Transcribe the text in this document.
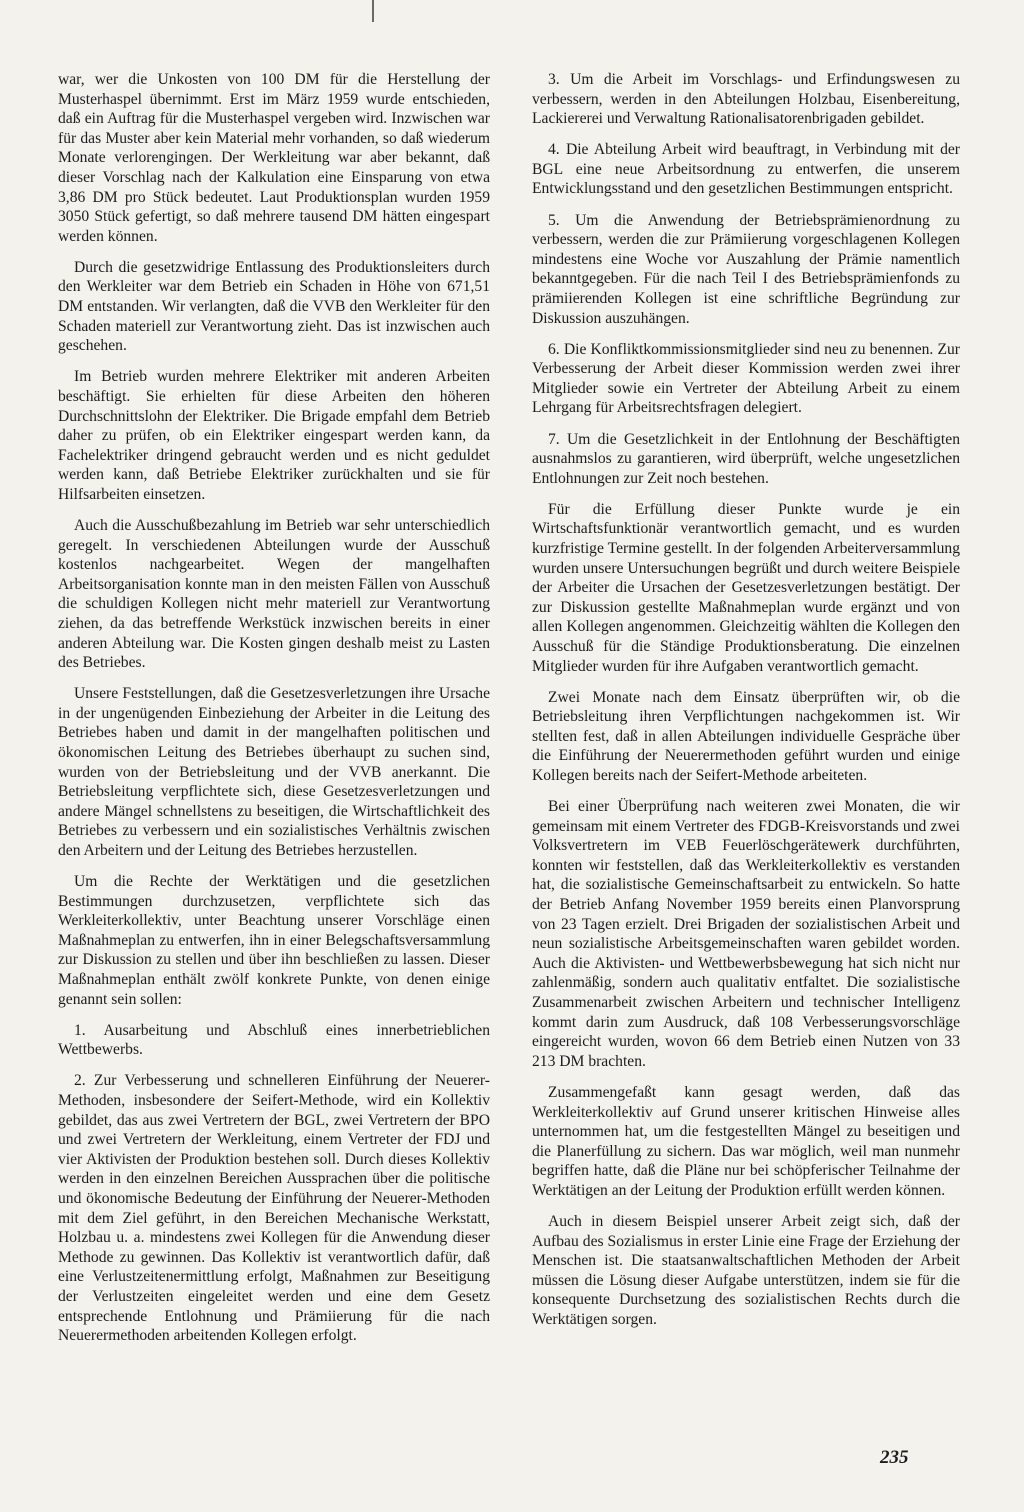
war, wer die Unkosten von 100 DM für die Herstellung der Musterhaspel übernimmt. Erst im März 1959 wurde entschieden, daß ein Auftrag für die Musterhaspel vergeben wird. Inzwischen war für das Muster aber kein Material mehr vorhanden, so daß wiederum Monate verlorengingen. Der Werkleitung war aber bekannt, daß dieser Vorschlag nach der Kalkulation eine Einsparung von etwa 3,86 DM pro Stück bedeutet. Laut Produktionsplan wurden 1959 3050 Stück gefertigt, so daß mehrere tausend DM hätten eingespart werden können.

Durch die gesetzwidrige Entlassung des Produktionsleiters durch den Werkleiter war dem Betrieb ein Schaden in Höhe von 671,51 DM entstanden. Wir verlangten, daß die VVB den Werkleiter für den Schaden materiell zur Verantwortung zieht. Das ist inzwischen auch geschehen.

Im Betrieb wurden mehrere Elektriker mit anderen Arbeiten beschäftigt. Sie erhielten für diese Arbeiten den höheren Durchschnittslohn der Elektriker. Die Brigade empfahl dem Betrieb daher zu prüfen, ob ein Elektriker eingespart werden kann, da Fachelektriker dringend gebraucht werden und es nicht geduldet werden kann, daß Betriebe Elektriker zurückhalten und sie für Hilfsarbeiten einsetzen.

Auch die Ausschußbezahlung im Betrieb war sehr unterschiedlich geregelt. In verschiedenen Abteilungen wurde der Ausschuß kostenlos nachgearbeitet. Wegen der mangelhaften Arbeitsorganisation konnte man in den meisten Fällen von Ausschuß die schuldigen Kollegen nicht mehr materiell zur Verantwortung ziehen, da das betreffende Werkstück inzwischen bereits in einer anderen Abteilung war. Die Kosten gingen deshalb meist zu Lasten des Betriebes.

Unsere Feststellungen, daß die Gesetzesverletzungen ihre Ursache in der ungenügenden Einbeziehung der Arbeiter in die Leitung des Betriebes haben und damit in der mangelhaften politischen und ökonomischen Leitung des Betriebes überhaupt zu suchen sind, wurden von der Betriebsleitung und der VVB anerkannt. Die Betriebsleitung verpflichtete sich, diese Gesetzesverletzungen und andere Mängel schnellstens zu beseitigen, die Wirtschaftlichkeit des Betriebes zu verbessern und ein sozialistisches Verhältnis zwischen den Arbeitern und der Leitung des Betriebes herzustellen.

Um die Rechte der Werktätigen und die gesetzlichen Bestimmungen durchzusetzen, verpflichtete sich das Werkleiterkollektiv, unter Beachtung unserer Vorschläge einen Maßnahmeplan zu entwerfen, ihn in einer Belegschaftsversammlung zur Diskussion zu stellen und über ihn beschließen zu lassen. Dieser Maßnahmeplan enthält zwölf konkrete Punkte, von denen einige genannt sein sollen:

1. Ausarbeitung und Abschluß eines innerbetrieblichen Wettbewerbs.

2. Zur Verbesserung und schnelleren Einführung der Neuerer-Methoden, insbesondere der Seifert-Methode, wird ein Kollektiv gebildet, das aus zwei Vertretern der BGL, zwei Vertretern der BPO und zwei Vertretern der Werkleitung, einem Vertreter der FDJ und vier Aktivisten der Produktion bestehen soll. Durch dieses Kollektiv werden in den einzelnen Bereichen Aussprachen über die politische und ökonomische Bedeutung der Einführung der Neuerer-Methoden mit dem Ziel geführt, in den Bereichen Mechanische Werkstatt, Holzbau u. a. mindestens zwei Kollegen für die Anwendung dieser Methode zu gewinnen. Das Kollektiv ist verantwortlich dafür, daß eine Verlustzeitenermittlung erfolgt, Maßnahmen zur Beseitigung der Verlustzeiten eingeleitet werden und eine dem Gesetz entsprechende Entlohnung und Prämiierung für die nach Neuerermethoden arbeitenden Kollegen erfolgt.

3. Um die Arbeit im Vorschlags- und Erfindungswesen zu verbessern, werden in den Abteilungen Holzbau, Eisenbereitung, Lackiererei und Verwaltung Rationalisatorenbrigaden gebildet.

4. Die Abteilung Arbeit wird beauftragt, in Verbindung mit der BGL eine neue Arbeitsordnung zu entwerfen, die unserem Entwicklungsstand und den gesetzlichen Bestimmungen entspricht.

5. Um die Anwendung der Betriebsprämienordnung zu verbessern, werden die zur Prämiierung vorgeschlagenen Kollegen mindestens eine Woche vor Auszahlung der Prämie namentlich bekanntgegeben. Für die nach Teil I des Betriebsprämienfonds zu prämiierenden Kollegen ist eine schriftliche Begründung zur Diskussion auszuhängen.

6. Die Konfliktkommissionsmitglieder sind neu zu benennen. Zur Verbesserung der Arbeit dieser Kommission werden zwei ihrer Mitglieder sowie ein Vertreter der Abteilung Arbeit zu einem Lehrgang für Arbeitsrechtsfragen delegiert.

7. Um die Gesetzlichkeit in der Entlohnung der Beschäftigten ausnahmslos zu garantieren, wird überprüft, welche ungesetzlichen Entlohnungen zur Zeit noch bestehen.

Für die Erfüllung dieser Punkte wurde je ein Wirtschaftsfunktionär verantwortlich gemacht, und es wurden kurzfristige Termine gestellt. In der folgenden Arbeiterversammlung wurden unsere Untersuchungen begrüßt und durch weitere Beispiele der Arbeiter die Ursachen der Gesetzesverletzungen bestätigt. Der zur Diskussion gestellte Maßnahmeplan wurde ergänzt und von allen Kollegen angenommen. Gleichzeitig wählten die Kollegen den Ausschuß für die Ständige Produktionsberatung. Die einzelnen Mitglieder wurden für ihre Aufgaben verantwortlich gemacht.

Zwei Monate nach dem Einsatz überprüften wir, ob die Betriebsleitung ihren Verpflichtungen nachgekommen ist. Wir stellten fest, daß in allen Abteilungen individuelle Gespräche über die Einführung der Neuerermethoden geführt wurden und einige Kollegen bereits nach der Seifert-Methode arbeiteten.

Bei einer Überprüfung nach weiteren zwei Monaten, die wir gemeinsam mit einem Vertreter des FDGB-Kreisvorstands und zwei Volksvertretern im VEB Feuerlöschgerätewerk durchführten, konnten wir feststellen, daß das Werkleiterkollektiv es verstanden hat, die sozialistische Gemeinschaftsarbeit zu entwickeln. So hatte der Betrieb Anfang November 1959 bereits einen Planvorsprung von 23 Tagen erzielt. Drei Brigaden der sozialistischen Arbeit und neun sozialistische Arbeitsgemeinschaften waren gebildet worden. Auch die Aktivisten- und Wettbewerbsbewegung hat sich nicht nur zahlenmäßig, sondern auch qualitativ entfaltet. Die sozialistische Zusammenarbeit zwischen Arbeitern und technischer Intelligenz kommt darin zum Ausdruck, daß 108 Verbesserungsvorschläge eingereicht wurden, wovon 66 dem Betrieb einen Nutzen von 33 213 DM brachten.

Zusammengefaßt kann gesagt werden, daß das Werkleiterkollektiv auf Grund unserer kritischen Hinweise alles unternommen hat, um die festgestellten Mängel zu beseitigen und die Planerfüllung zu sichern. Das war möglich, weil man nunmehr begriffen hatte, daß die Pläne nur bei schöpferischer Teilnahme der Werktätigen an der Leitung der Produktion erfüllt werden können.

Auch in diesem Beispiel unserer Arbeit zeigt sich, daß der Aufbau des Sozialismus in erster Linie eine Frage der Erziehung der Menschen ist. Die staatsanwaltschaftlichen Methoden der Arbeit müssen die Lösung dieser Aufgabe unterstützen, indem sie für die konsequente Durchsetzung des sozialistischen Rechts durch die Werktätigen sorgen.

235
